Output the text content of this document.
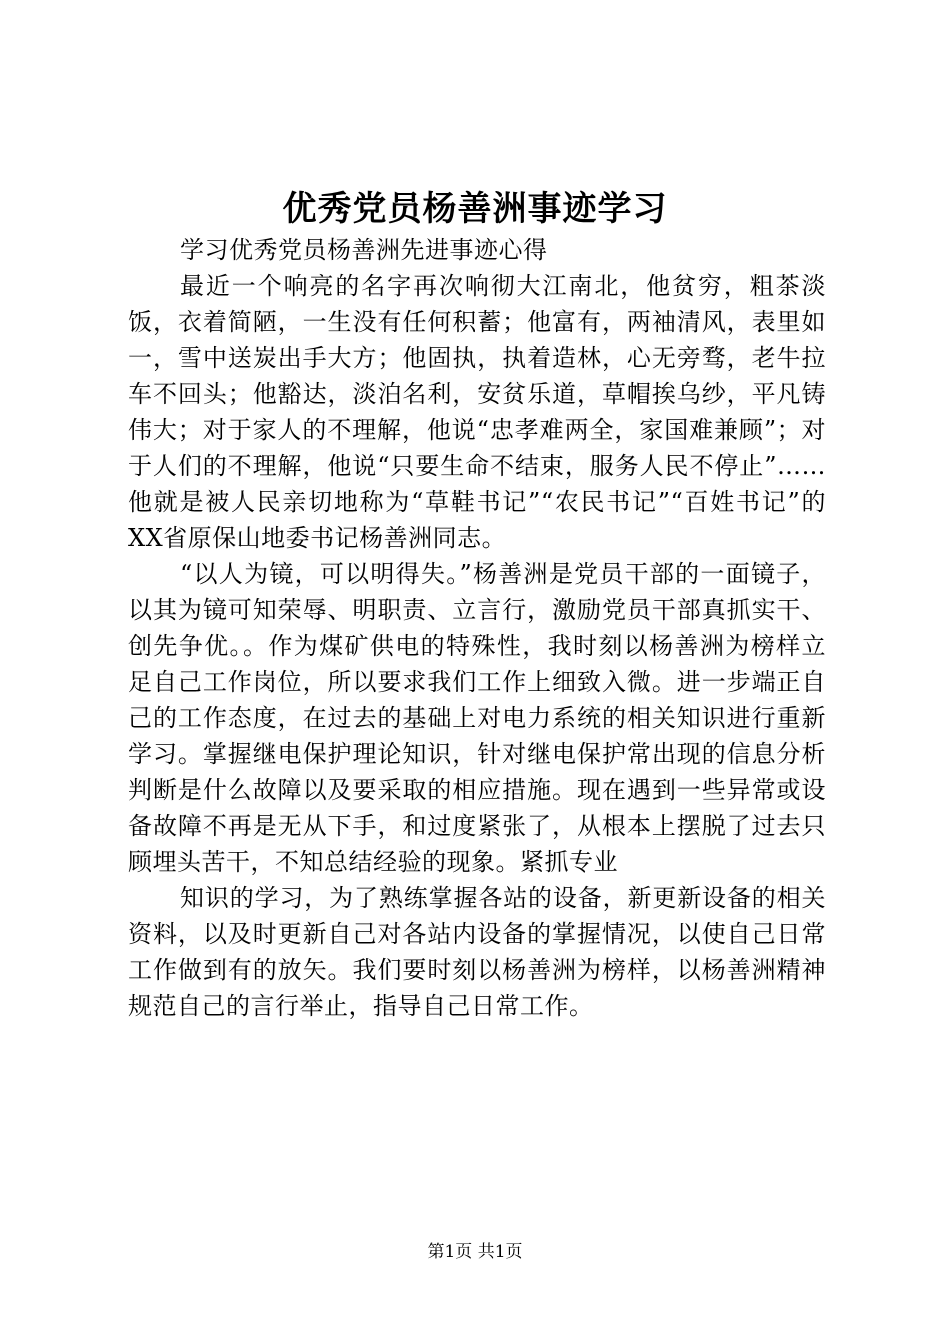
优秀党员杨善洲事迹学习

学习优秀党员杨善洲先进事迹心得

最近一个响亮的名字再次响彻大江南北，他贫穷，粗茶淡饭，衣着简陋，一生没有任何积蓄；他富有，两袖清风，表里如一，雪中送炭出手大方；他固执，执着造林，心无旁骛，老牛拉车不回头；他豁达，淡泊名利，安贫乐道，草帽挨乌纱，平凡铸伟大；对于家人的不理解，他说“忠孝难两全，家国难兼顾”；对于人们的不理解，他说“只要生命不结束，服务人民不停止”……他就是被人民亲切地称为“草鞋书记”“农民书记”“百姓书记”的XX省原保山地委书记杨善洲同志。

“以人为镜，可以明得失。”杨善洲是党员干部的一面镜子，以其为镜可知荣辱、明职责、立言行，激励党员干部真抓实干、创先争优。。作为煤矿供电的特殊性，我时刻以杨善洲为榜样立足自己工作岗位，所以要求我们工作上细致入微。进一步端正自己的工作态度，在过去的基础上对电力系统的相关知识进行重新学习。掌握继电保护理论知识，针对继电保护常出现的信息分析判断是什么故障以及要采取的相应措施。现在遇到一些异常或设备故障不再是无从下手，和过度紧张了，从根本上摆脱了过去只顾埋头苦干，不知总结经验的现象。紧抓专业

知识的学习，为了熟练掌握各站的设备，新更新设备的相关资料，以及时更新自己对各站内设备的掌握情况，以使自己日常工作做到有的放矢。我们要时刻以杨善洲为榜样，以杨善洲精神规范自己的言行举止，指导自己日常工作。

第1页 共1页
